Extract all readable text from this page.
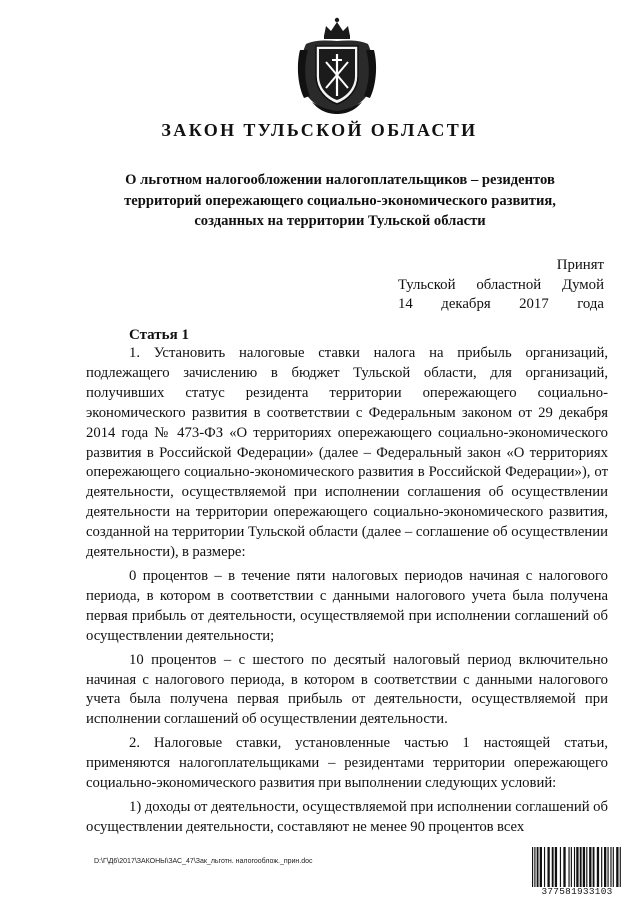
ЗАКОН ТУЛЬСКОЙ ОБЛАСТИ
О льготном налогообложении налогоплательщиков – резидентов территорий опережающего социально-экономического развития, созданных на территории Тульской области
Принят
Тульской областной Думой
14 декабря 2017 года
Статья 1

1. Установить налоговые ставки налога на прибыль организаций, подлежащего зачислению в бюджет Тульской области, для организаций, получивших статус резидента территории опережающего социально-экономического развития в соответствии с Федеральным законом от 29 декабря 2014 года № 473-ФЗ «О территориях опережающего социально-экономического развития в Российской Федерации» (далее – Федеральный закон «О территориях опережающего социально-экономического развития в Российской Федерации»), от деятельности, осуществляемой при исполнении соглашения об осуществлении деятельности на территории опережающего социально-экономического развития, созданной на территории Тульской области (далее – соглашение об осуществлении деятельности), в размере:

0 процентов – в течение пяти налоговых периодов начиная с налогового периода, в котором в соответствии с данными налогового учета была получена первая прибыль от деятельности, осуществляемой при исполнении соглашений об осуществлении деятельности;

10 процентов – с шестого по десятый налоговый период включительно начиная с налогового периода, в котором в соответствии с данными налогового учета была получена первая прибыль от деятельности, осуществляемой при исполнении соглашений об осуществлении деятельности.

2. Налоговые ставки, установленные частью 1 настоящей статьи, применяются налогоплательщиками – резидентами территории опережающего социально-экономического развития при выполнении следующих условий:

1) доходы от деятельности, осуществляемой при исполнении соглашений об осуществлении деятельности, составляют не менее 90 процентов всех

D:\Г\Д6\2017\ЗАКОНЫ\ЗАС_47\Зак_льготн. налогооблож._прин.doc

377581933103
